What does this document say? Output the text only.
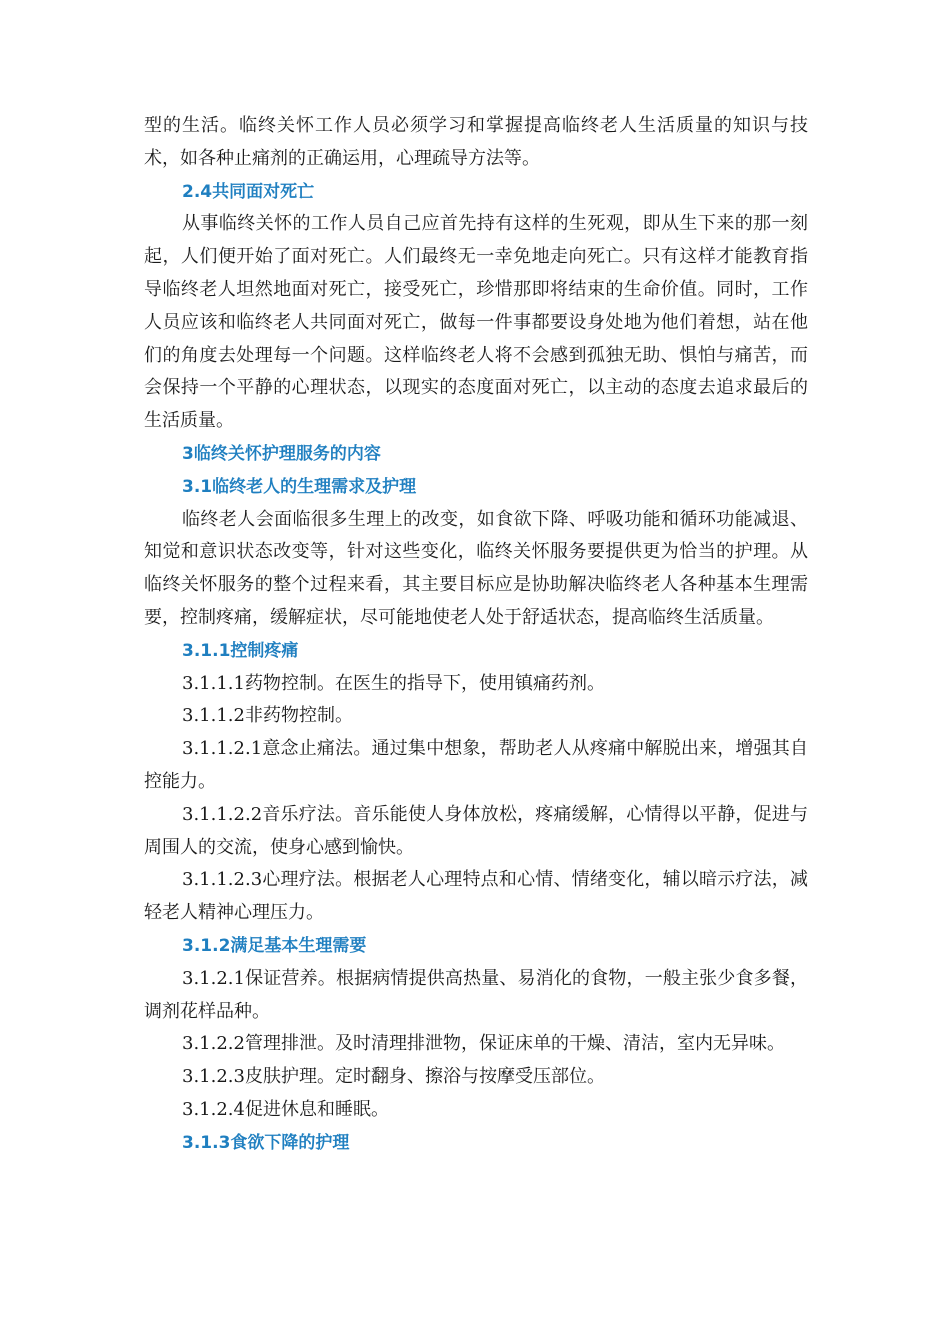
型的生活。临终关怀工作人员必须学习和掌握提高临终老人生活质量的知识与技术，如各种止痛剂的正确运用，心理疏导方法等。

2.4共同面对死亡

从事临终关怀的工作人员自己应首先持有这样的生死观，即从生下来的那一刻起，人们便开始了面对死亡。人们最终无一幸免地走向死亡。只有这样才能教育指导临终老人坦然地面对死亡，接受死亡，珍惜那即将结束的生命价值。同时，工作人员应该和临终老人共同面对死亡，做每一件事都要设身处地为他们着想，站在他们的角度去处理每一个问题。这样临终老人将不会感到孤独无助、惧怕与痛苦，而会保持一个平静的心理状态，以现实的态度面对死亡，以主动的态度去追求最后的生活质量。

3临终关怀护理服务的内容

3.1临终老人的生理需求及护理

临终老人会面临很多生理上的改变，如食欲下降、呼吸功能和循环功能减退、知觉和意识状态改变等，针对这些变化，临终关怀服务要提供更为恰当的护理。从临终关怀服务的整个过程来看，其主要目标应是协助解决临终老人各种基本生理需要，控制疼痛，缓解症状，尽可能地使老人处于舒适状态，提高临终生活质量。

3.1.1控制疼痛

3.1.1.1药物控制。在医生的指导下，使用镇痛药剂。

3.1.1.2非药物控制。

3.1.1.2.1意念止痛法。通过集中想象，帮助老人从疼痛中解脱出来，增强其自控能力。

3.1.1.2.2音乐疗法。音乐能使人身体放松，疼痛缓解，心情得以平静，促进与周围人的交流，使身心感到愉快。

3.1.1.2.3心理疗法。根据老人心理特点和心情、情绪变化，辅以暗示疗法，减轻老人精神心理压力。

3.1.2满足基本生理需要

3.1.2.1保证营养。根据病情提供高热量、易消化的食物，一般主张少食多餐，调剂花样品种。

3.1.2.2管理排泄。及时清理排泄物，保证床单的干燥、清洁，室内无异味。

3.1.2.3皮肤护理。定时翻身、擦浴与按摩受压部位。

3.1.2.4促进休息和睡眠。

3.1.3食欲下降的护理
